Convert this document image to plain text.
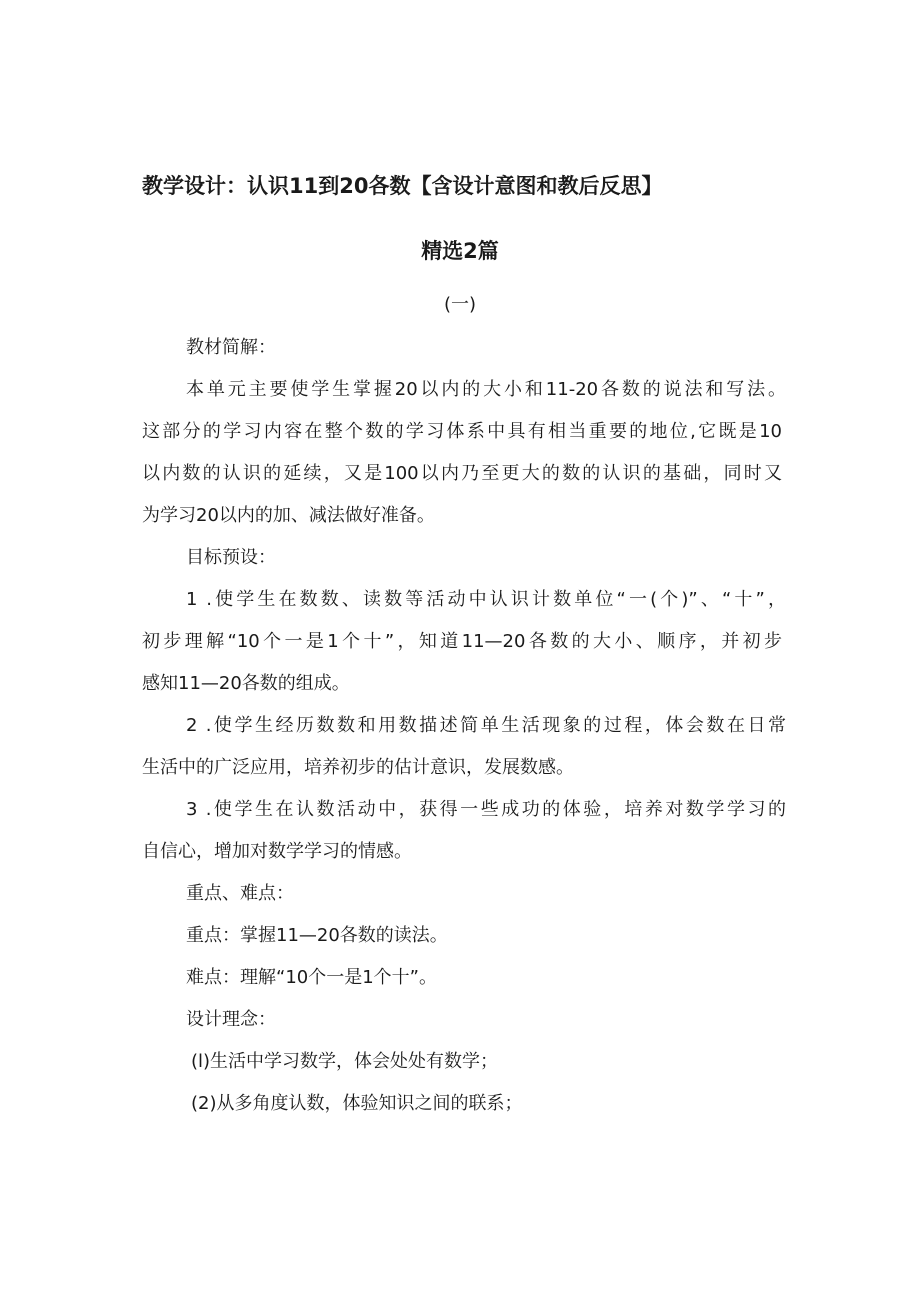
教学设计：认识11到20各数【含设计意图和教后反思】
精选2篇
(一)
教材简解：
本单元主要使学生掌握20以内的大小和11-20各数的说法和写法。
这部分的学习内容在整个数的学习体系中具有相当重要的地位,它既是10
以内数的认识的延续，又是100以内乃至更大的数的认识的基础，同时又
为学习20以内的加、减法做好准备。
目标预设：
1 .使学生在数数、读数等活动中认识计数单位“一(个)”、“十”，
初步理解“10个一是1个十”，知道11—20各数的大小、顺序，并初步
感知11—20各数的组成。
2 .使学生经历数数和用数描述简单生活现象的过程，体会数在日常
生活中的广泛应用，培养初步的估计意识，发展数感。
3 .使学生在认数活动中，获得一些成功的体验，培养对数学学习的
自信心，增加对数学学习的情感。
重点、难点：
重点：掌握11—20各数的读法。
难点：理解“10个一是1个十”。
设计理念：
(l)生活中学习数学，体会处处有数学；
(2)从多角度认数，体验知识之间的联系；
